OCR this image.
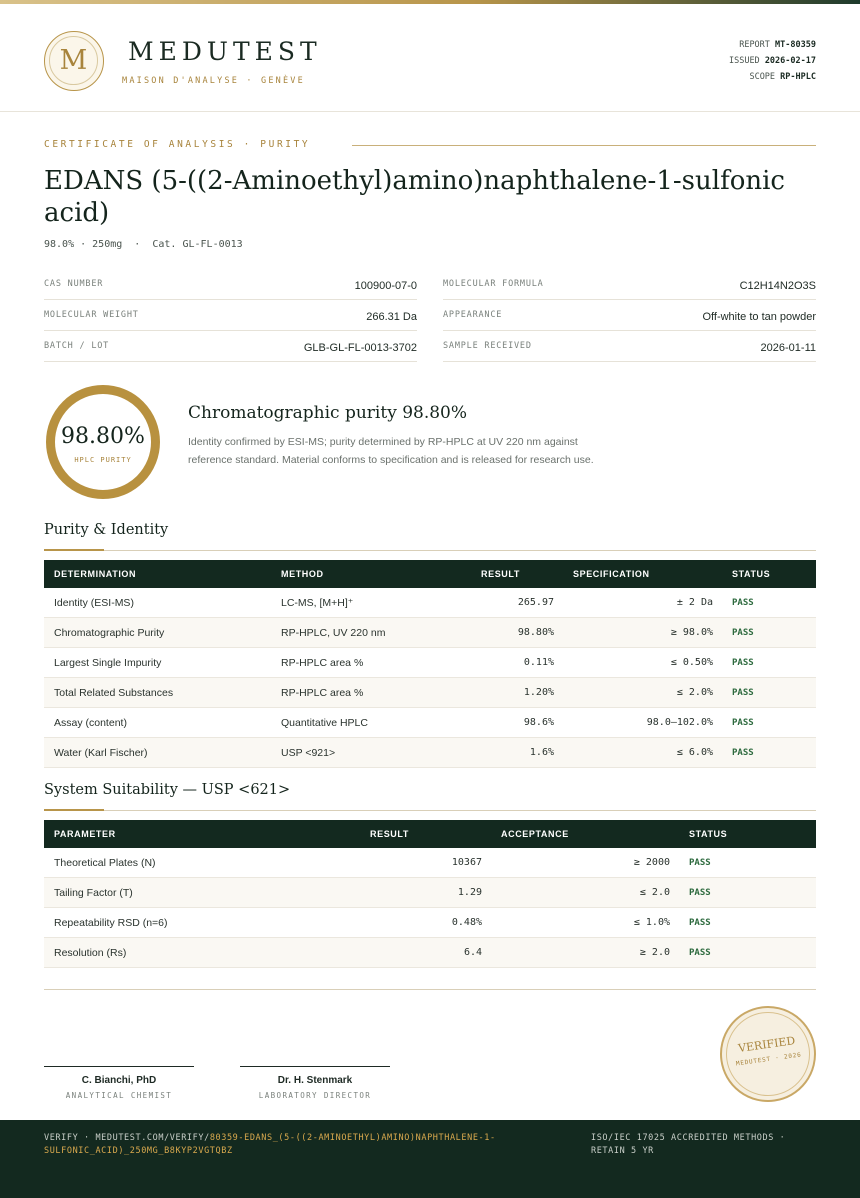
M	MEDUTEST
MAISON D'ANALYSE · GENÈVE
REPORT MT-80359
ISSUED 2026-02-17
SCOPE RP-HPLC
CERTIFICATE OF ANALYSIS · PURITY
EDANS (5-((2-Aminoethyl)amino)naphthalene-1-sulfonic acid)
98.0% · 250mg  ·  Cat. GL-FL-0013
CAS NUMBER	100900-07-0	MOLECULAR FORMULA	C12H14N2O3S
MOLECULAR WEIGHT	266.31 Da	APPEARANCE	Off-white to tan powder
BATCH / LOT	GLB-GL-FL-0013-3702	SAMPLE RECEIVED	2026-01-11
98.80%
HPLC PURITY
Chromatographic purity 98.80%
Identity confirmed by ESI-MS; purity determined by RP-HPLC at UV 220 nm against reference standard. Material conforms to specification and is released for research use.
Purity & Identity
DETERMINATION	METHOD	RESULT	SPECIFICATION	STATUS
Identity (ESI-MS)	LC-MS, [M+H]⁺	265.97	± 2 Da PASS
Chromatographic Purity	RP-HPLC, UV 220 nm	98.80%	≥ 98.0% PASS
Largest Single Impurity	RP-HPLC area %	0.11%	≤ 0.50% PASS
Total Related Substances	RP-HPLC area %	1.20%	≤ 2.0% PASS
Assay (content)	Quantitative HPLC	98.6%	98.0–102.0% PASS
Water (Karl Fischer)	USP <921>	1.6%	≤ 6.0% PASS
System Suitability — USP <621>
PARAMETER	RESULT	ACCEPTANCE	STATUS
Theoretical Plates (N)	10367	≥ 2000 PASS
Tailing Factor (T)	1.29	≤ 2.0 PASS
Repeatability RSD (n=6)	0.48%	≤ 1.0% PASS
Resolution (Rs)	6.4	≥ 2.0 PASS
C. Bianchi, PhD
ANALYTICAL CHEMIST
Dr. H. Stenmark
LABORATORY DIRECTOR
VERIFIED
MEDUTEST · 2026
VERIFY · MEDUTEST.COM/VERIFY/80359-EDANS_(5-((2-AMINOETHYL)AMINO)NAPHTHALENE-1-SULFONIC_ACID)_250MG_B8KYP2VGTQBZ
ISO/IEC 17025 ACCREDITED METHODS · RETAIN 5 YR
